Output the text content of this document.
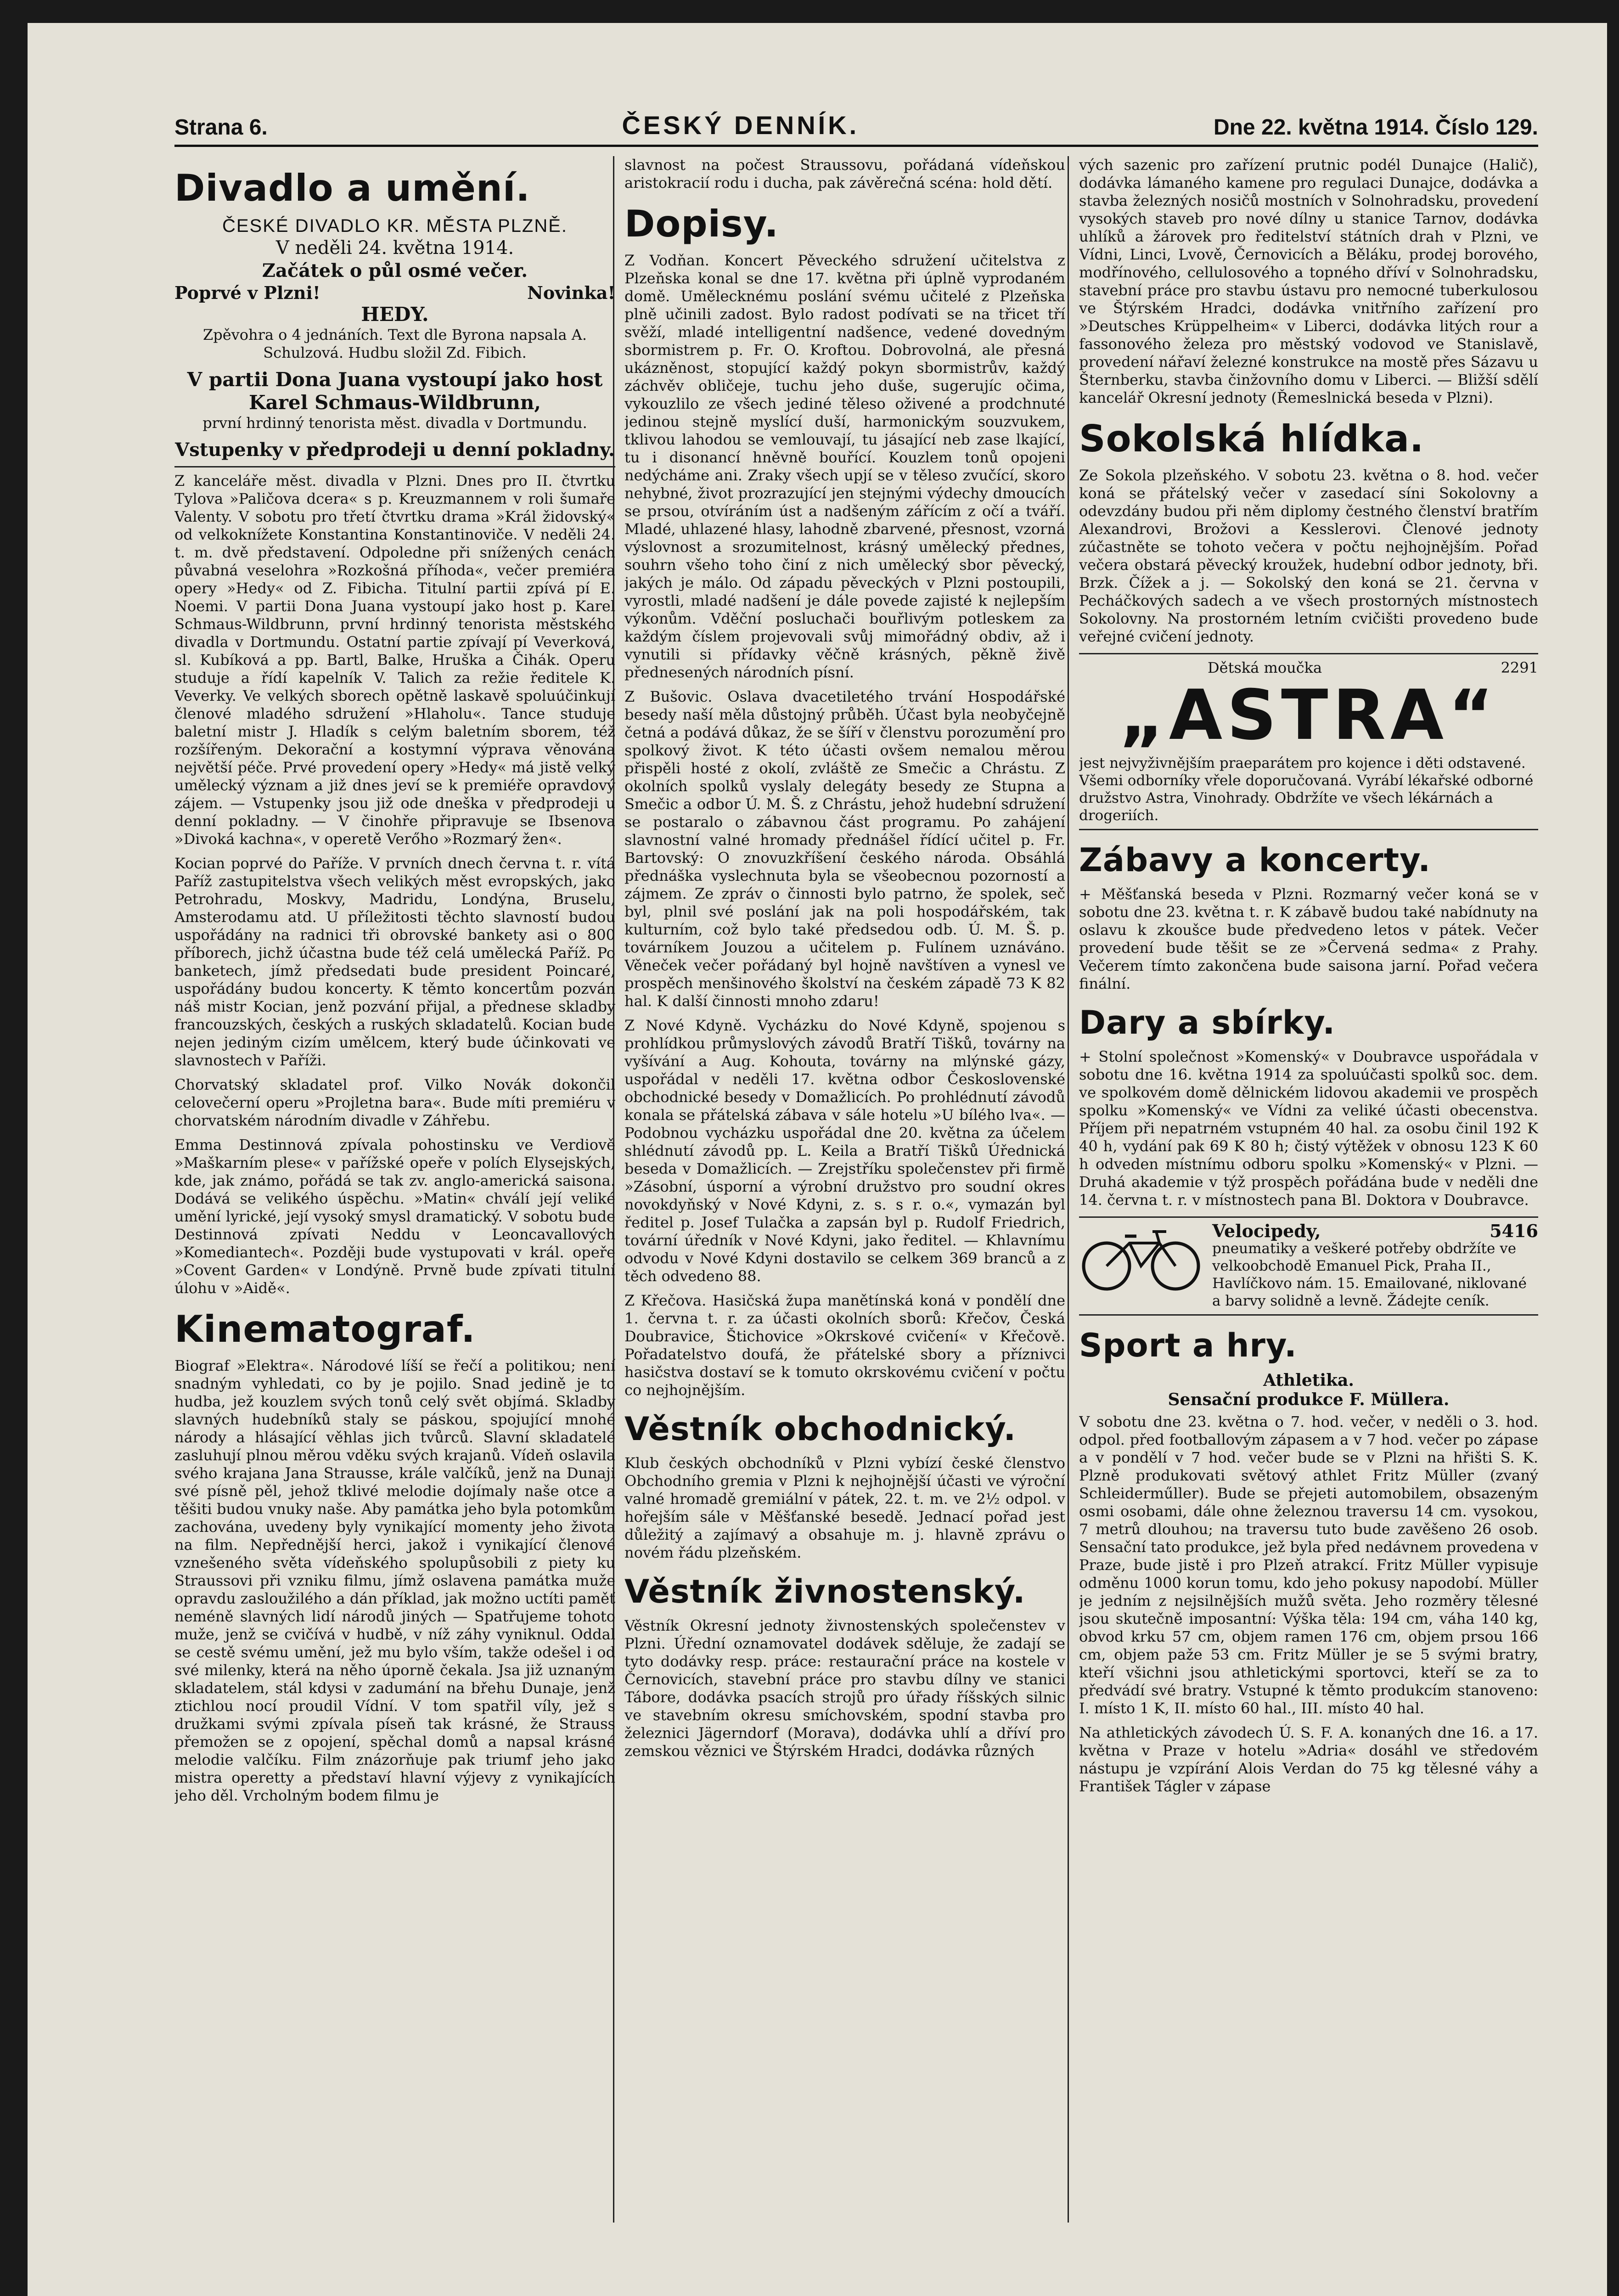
Strana 6.	ČESKÝ DENNÍK.	Dne 22. května 1914. Číslo 129.
Divadlo a umění.
ČESKÉ DIVADLO KR. MĚSTA PLZNĚ.
V neděli 24. května 1914.
Začátek o půl osmé večer.
Poprvé v Plzni!	Novinka!
HEDY.
Zpěvohra o 4 jednáních. Text dle Byrona napsala A. Schulzová. Hudbu složil Zd. Fibich.
V partii Dona Juana vystoupí jako host Karel Schmaus-Wildbrunn,
první hrdinný tenorista měst. divadla v Dortmundu.
Vstupenky v předprodeji u denní pokladny.

Z kanceláře měst. divadla v Plzni. Dnes pro II. čtvrtku Tylova »Paličova dcera« s p. Kreuzmannem v roli šumaře Valenty. V sobotu pro třetí čtvrtku drama »Král židovský« od velkoknížete Konstantina Konstantinoviče. V neděli 24. t. m. dvě představení. Odpoledne při snížených cenách půvabná veselohra »Rozkošná příhoda«, večer premiéra opery »Hedy« od Z. Fibicha. Titulní partii zpívá pí E. Noemi. V partii Dona Juana vystoupí jako host p. Karel Schmaus-Wildbrunn, první hrdinný tenorista městského divadla v Dortmundu. Ostatní partie zpívají pí Veverková, sl. Kubíková a pp. Bartl, Balke, Hruška a Čihák. Operu studuje a řídí kapelník V. Talich za režie ředitele K. Veverky. Ve velkých sborech opětně laskavě spoluúčinkují členové mladého sdružení »Hlaholu«. Tance studuje baletní mistr J. Hladík s celým baletním sborem, též rozšířeným. Dekorační a kostymní výprava věnována největší péče. Prvé provedení opery »Hedy« má jistě velký umělecký význam a již dnes jeví se k premiéře opravdový zájem. — Vstupenky jsou již ode dneška v předprodeji u denní pokladny. — V činohře připravuje se Ibsenova »Divoká kachna«, v operetě Verőho »Rozmarý žen«.

Kocian poprvé do Paříže. V prvních dnech června t. r. vítá Paříž zastupitelstva všech velikých měst evropských, jako Petrohradu, Moskvy, Madridu, Londýna, Bruselu, Amsterodamu atd. U příležitosti těchto slavností budou uspořádány na radnici tři obrovské bankety asi o 800 příborech, jichž účastna bude též celá umělecká Paříž. Po banketech, jímž předsedati bude president Poincaré, uspořádány budou koncerty. K těmto koncertům pozván náš mistr Kocian, jenž pozvání přijal, a přednese skladby francouzských, českých a ruských skladatelů. Kocian bude nejen jediným cizím umělcem, který bude účinkovati ve slavnostech v Paříži.

Chorvatský skladatel prof. Vilko Novák dokončil celovečerní operu »Projletna bara«. Bude míti premiéru v chorvatském národním divadle v Záhřebu.

Emma Destinnová zpívala pohostinsku ve Verdiově »Maškarním plese« v pařížské opeře v polích Elysejských, kde, jak známo, pořádá se tak zv. anglo-americká saisona. Dodává se velikého úspěchu. »Matin« chválí její veliké umění lyrické, její vysoký smysl dramatický. V sobotu bude Destinnová zpívati Neddu v Leoncavallových »Komediantech«. Později bude vystupovati v král. opeře »Covent Garden« v Londýně. Prvně bude zpívati titulní úlohu v »Aidě«.

Kinematograf.

Biograf »Elektra«. Národové líší se řečí a politikou; není snadným vyhledati, co by je pojilo. Snad jedině je to hudba, jež kouzlem svých tonů celý svět objímá. Skladby slavných hudebníků staly se páskou, spojující mnohé národy a hlásající věhlas jich tvůrců. Slavní skladatelé zasluhují plnou měrou vděku svých krajanů. Vídeň oslavila svého krajana Jana Strausse, krále valčíků, jenž na Dunaji své písně pěl, jehož tklivé melodie dojímaly naše otce a těšiti budou vnuky naše. Aby památka jeho byla potomkům zachována, uvedeny byly vynikající momenty jeho života na film. Nepřednější herci, jakož i vynikající členové vznešeného světa vídeňského spolupůsobili z piety ku Straussovi při vzniku filmu, jímž oslavena památka muže opravdu zasloužilého a dán příklad, jak možno uctíti paměť neméně slavných lidí národů jiných — Spatřujeme tohoto muže, jenž se cvičívá v hudbě, v níž záhy vyniknul. Oddal se cestě svému umění, jež mu bylo vším, takže odešel i od své milenky, která na něho úporně čekala. Jsa již uznaným skladatelem, stál kdysi v zadumání na břehu Dunaje, jenž ztichlou nocí proudil Vídní. V tom spatřil víly, jež s družkami svými zpívala píseň tak krásné, že Strauss přemožen se z opojení, spěchal domů a napsal krásné melodie valčíku. Film znázorňuje pak triumf jeho jako mistra operetty a představí hlavní výjevy z vynikajících jeho děl. Vrcholným bodem filmu je

slavnost na počest Straussovu, pořádaná vídeňskou aristokracií rodu i ducha, pak závěrečná scéna: hold dětí.

Dopisy.

Z Vodňan. Koncert Pěveckého sdružení učitelstva z Plzeňska konal se dne 17. května při úplně vyprodaném domě. Umělecknému poslání svému učitelé z Plzeňska plně učinili zadost. Bylo radost podívati se na třicet tří svěží, mladé intelligentní nadšence, vedené dovedným sbormistrem p. Fr. O. Kroftou. Dobrovolná, ale přesná ukázněnost, stopující každý pokyn sbormistrův, každý záchvěv obličeje, tuchu jeho duše, sugerujíc očima, vykouzlilo ze všech jediné těleso oživené a prodchnuté jedinou stejně myslící duší, harmonickým souzvukem, tklivou lahodou se vemlouvají, tu jásající neb zase lkající, tu i disonancí hněvně bouřící. Kouzlem tonů opojeni nedýcháme ani. Zraky všech upjí se v těleso zvučící, skoro nehybné, život prozrazující jen stejnými výdechy dmoucích se prsou, otvíráním úst a nadšeným zářícím z očí a tváří. Mladé, uhlazené hlasy, lahodně zbarvené, přesnost, vzorná výslovnost a srozumitelnost, krásný umělecký přednes, souhrn všeho toho činí z nich umělecký sbor pěvecký, jakých je málo. Od západu pěveckých v Plzni postoupili, vyrostli, mladé nadšení je dále povede zajisté k nejlepším výkonům. Vděční posluchači bouřlivým potleskem za každým číslem projevovali svůj mimořádný obdiv, až i vynutili si přídavky věčně krásných, pěkně živě přednesených národních písní.

Z Bušovic. Oslava dvacetiletého trvání Hospodářské besedy naší měla důstojný průběh. Účast byla neobyčejně četná a podává důkaz, že se šíří v členstvu porozumění pro spolkový život. K této účasti ovšem nemalou měrou přispěli hosté z okolí, zvláště ze Smečic a Chrástu. Z okolních spolků vyslaly delegáty besedy ze Stupna a Smečic a odbor Ú. M. Š. z Chrástu, jehož hudební sdružení se postaralo o zábavnou část programu. Po zahájení slavnostní valné hromady přednášel řídící učitel p. Fr. Bartovský: O znovuzkříšení českého národa. Obsáhlá přednáška vyslechnuta byla se všeobecnou pozorností a zájmem. Ze zpráv o činnosti bylo patrno, že spolek, seč byl, plnil své poslání jak na poli hospodářském, tak kulturním, což bylo také předsedou odb. Ú. M. Š. p. továrníkem Jouzou a učitelem p. Fulínem uznáváno. Věneček večer pořádaný byl hojně navštíven a vynesl ve prospěch menšinového školství na českém západě 73 K 82 hal. K další činnosti mnoho zdaru!

Z Nové Kdyně. Vycházku do Nové Kdyně, spojenou s prohlídkou průmyslových závodů Bratří Tišků, továrny na vyšívání a Aug. Kohouta, továrny na mlýnské gázy, uspořádal v neděli 17. května odbor Československé obchodnické besedy v Domažlicích. Po prohlédnutí závodů konala se přátelská zábava v sále hotelu »U bílého lva«. — Podobnou vycházku uspořádal dne 20. května za účelem shlédnutí závodů pp. L. Keila a Bratří Tišků Úřednická beseda v Domažlicích. — Zrejstříku společenstev při firmě »Zásobní, úsporní a výrobní družstvo pro soudní okres novokdyňský v Nové Kdyni, z. s. s r. o.«, vymazán byl ředitel p. Josef Tulačka a zapsán byl p. Rudolf Friedrich, tovární úředník v Nové Kdyni, jako ředitel. — Khlavnímu odvodu v Nové Kdyni dostavilo se celkem 369 branců a z těch odvedeno 88.

Z Křečova. Hasičská župa manětínská koná v pondělí dne 1. června t. r. za účasti okolních sborů: Křečov, Česká Doubravice, Štichovice »Okrskové cvičení« v Křečově. Pořadatelstvo doufá, že přátelské sbory a příznivci hasičstva dostaví se k tomuto okrskovému cvičení v počtu co nejhojnějším.

Věstník obchodnický.

Klub českých obchodníků v Plzni vybízí české členstvo Obchodního gremia v Plzni k nejhojnější účasti ve výroční valné hromadě gremiální v pátek, 22. t. m. ve 2½ odpol. v hořejším sále v Měšťanské besedě. Jednací pořad jest důležitý a zajímavý a obsahuje m. j. hlavně zprávu o novém řádu plzeňském.

Věstník živnostenský.

Věstník Okresní jednoty živnostenských společenstev v Plzni. Úřední oznamovatel dodávek sděluje, že zadají se tyto dodávky resp. práce: restaurační práce na kostele v Černovicích, stavební práce pro stavbu dílny ve stanici Tábore, dodávka psacích strojů pro úřady říšských silnic ve stavebním okresu smíchovském, spodní stavba pro železnici Jägerndorf (Morava), dodávka uhlí a dříví pro zemskou věznici ve Štýrském Hradci, dodávka různých

vých sazenic pro zařízení prutnic podél Dunajce (Halič), dodávka lámaného kamene pro regulaci Dunajce, dodávka a stavba železných nosičů mostních v Solnohradsku, provedení vysokých staveb pro nové dílny u stanice Tarnov, dodávka uhlíků a žárovek pro ředitelství státních drah v Plzni, ve Vídni, Linci, Lvově, Černovicích a Běláku, prodej borového, modřínového, cellulosového a topného dříví v Solnohradsku, stavební práce pro stavbu ústavu pro nemocné tuberkulosou ve Štýrském Hradci, dodávka vnitřního zařízení pro »Deutsches Krüppelheim« v Liberci, dodávka litých rour a fassonového železa pro městský vodovod ve Stanislavě, provedení nářaví železné konstrukce na mostě přes Sázavu u Šternberku, stavba činžovního domu v Liberci. — Bližší sdělí kancelář Okresní jednoty (Řemeslnická beseda v Plzni).

Sokolská hlídka.

Ze Sokola plzeňského. V sobotu 23. května o 8. hod. večer koná se přátelský večer v zasedací síni Sokolovny a odevzdány budou při něm diplomy čestného členství bratřím Alexandrovi, Brožovi a Kesslerovi. Členové jednoty zúčastněte se tohoto večera v počtu nejhojnějším. Pořad večera obstará pěvecký kroužek, hudební odbor jednoty, bři. Brzk. Čížek a j. — Sokolský den koná se 21. června v Pecháčkových sadech a ve všech prostorných místnostech Sokolovny. Na prostorném letním cvičišti provedeno bude veřejné cvičení jednoty.

Dětská moučka	2291
„ASTRA“
jest nejvyživnějším praeparátem pro kojence i děti odstavené. Všemi odborníky vřele doporučovaná. Vyrábí lékařské odborné družstvo Astra, Vinohrady. Obdržíte ve všech lékárnách a drogeriích.
Zábavy a koncerty.

+ Měšťanská beseda v Plzni. Rozmarný večer koná se v sobotu dne 23. května t. r. K zábavě budou také nabídnuty na oslavu k zkoušce bude předvedeno letos v pátek. Večer provedení bude těšit se ze »Červená sedma« z Prahy. Večerem tímto zakončena bude saisona jarní. Pořad večera finální.

Dary a sbírky.

+ Stolní společnost »Komenský« v Doubravce uspořádala v sobotu dne 16. května 1914 za spoluúčasti spolků soc. dem. ve spolkovém domě dělnickém lidovou akademii ve prospěch spolku »Komenský« ve Vídni za veliké účasti obecenstva. Příjem při nepatrném vstupném 40 hal. za osobu činil 192 K 40 h, vydání pak 69 K 80 h; čistý výtěžek v obnosu 123 K 60 h odveden místnímu odboru spolku »Komenský« v Plzni. — Druhá akademie v týž prospěch pořádána bude v neděli dne 14. června t. r. v místnostech pana Bl. Doktora v Doubravce.

Velocipedy,	5416
pneumatiky a veškeré potřeby obdržíte ve velkoobchodě Emanuel Pick, Praha II., Havlíčkovo nám. 15. Emailované, niklované a barvy solidně a levně. Žádejte ceník.
Sport a hry.
Athletika.
Sensační produkce F. Müllera.

V sobotu dne 23. května o 7. hod. večer, v neděli o 3. hod. odpol. před footballovým zápasem a v 7 hod. večer po zápase a v pondělí v 7 hod. večer bude se v Plzni na hřišti S. K. Plzně produkovati světový athlet Fritz Müller (zvaný Schleiderműller). Bude se přejeti automobilem, obsazeným osmi osobami, dále ohne železnou traversu 14 cm. vysokou, 7 metrů dlouhou; na traversu tuto bude zavěšeno 26 osob. Sensační tato produkce, jež byla před nedávnem provedena v Praze, bude jistě i pro Plzeň atrakcí. Fritz Müller vypisuje odměnu 1000 korun tomu, kdo jeho pokusy napodobí. Müller je jedním z nejsilnějších mužů světa. Jeho rozměry tělesné jsou skutečně imposantní: Výška těla: 194 cm, váha 140 kg, obvod krku 57 cm, objem ramen 176 cm, objem prsou 166 cm, objem paže 53 cm. Fritz Müller je se 5 svými bratry, kteří všichni jsou athletickými sportovci, kteří se za to předvádí své bratry. Vstupné k těmto produkcím stanoveno: I. místo 1 K, II. místo 60 hal., III. místo 40 hal.

Na athletických závodech Ú. S. F. A. konaných dne 16. a 17. května v Praze v hotelu »Adria« dosáhl ve středovém nástupu je vzpírání Alois Verdan do 75 kg tělesné váhy a František Tágler v zápase
